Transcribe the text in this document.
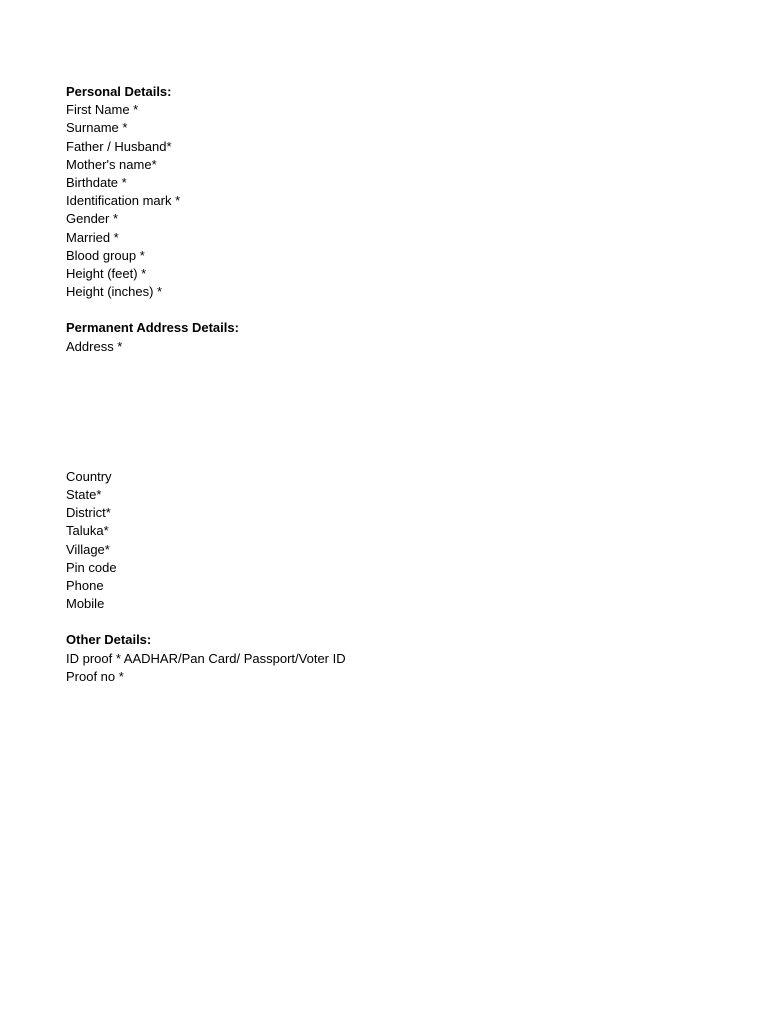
Personal Details:
First Name *
Surname *
Father / Husband*
Mother's name*
Birthdate *
Identification mark *
Gender *
Married *
Blood group *
Height (feet) *
Height (inches) *
Permanent Address Details:
Address *
Country
State*
District*
Taluka*
Village*
Pin code
Phone
Mobile
Other Details:
ID proof * AADHAR/Pan Card/ Passport/Voter ID
Proof no *
